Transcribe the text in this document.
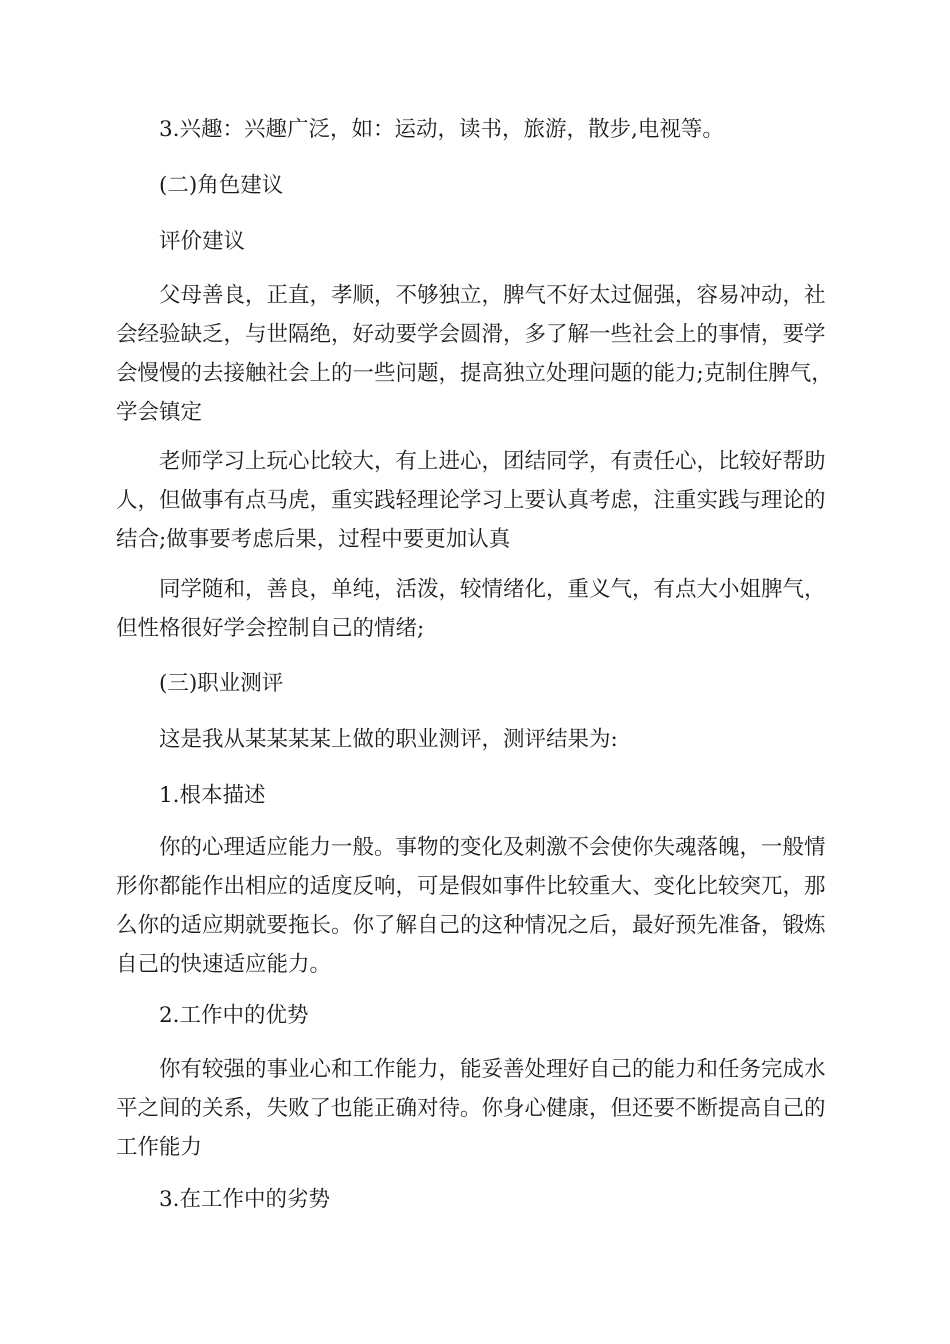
3.兴趣：兴趣广泛，如：运动，读书，旅游，散步,电视等。

(二)角色建议

评价建议

父母善良，正直，孝顺，不够独立，脾气不好太过倔强，容易冲动，社会经验缺乏，与世隔绝，好动要学会圆滑，多了解一些社会上的事情，要学会慢慢的去接触社会上的一些问题，提高独立处理问题的能力;克制住脾气，学会镇定

老师学习上玩心比较大，有上进心，团结同学，有责任心，比较好帮助人，但做事有点马虎，重实践轻理论学习上要认真考虑，注重实践与理论的结合;做事要考虑后果，过程中要更加认真

同学随和，善良，单纯，活泼，较情绪化，重义气，有点大小姐脾气，但性格很好学会控制自己的情绪;

(三)职业测评

这是我从某某某某上做的职业测评，测评结果为:

1.根本描述

你的心理适应能力一般。事物的变化及刺激不会使你失魂落魄，一般情形你都能作出相应的适度反响，可是假如事件比较重大、变化比较突兀，那么你的适应期就要拖长。你了解自己的这种情况之后，最好预先准备，锻炼自己的快速适应能力。

2.工作中的优势

你有较强的事业心和工作能力，能妥善处理好自己的能力和任务完成水平之间的关系，失败了也能正确对待。你身心健康，但还要不断提高自己的工作能力

3.在工作中的劣势
